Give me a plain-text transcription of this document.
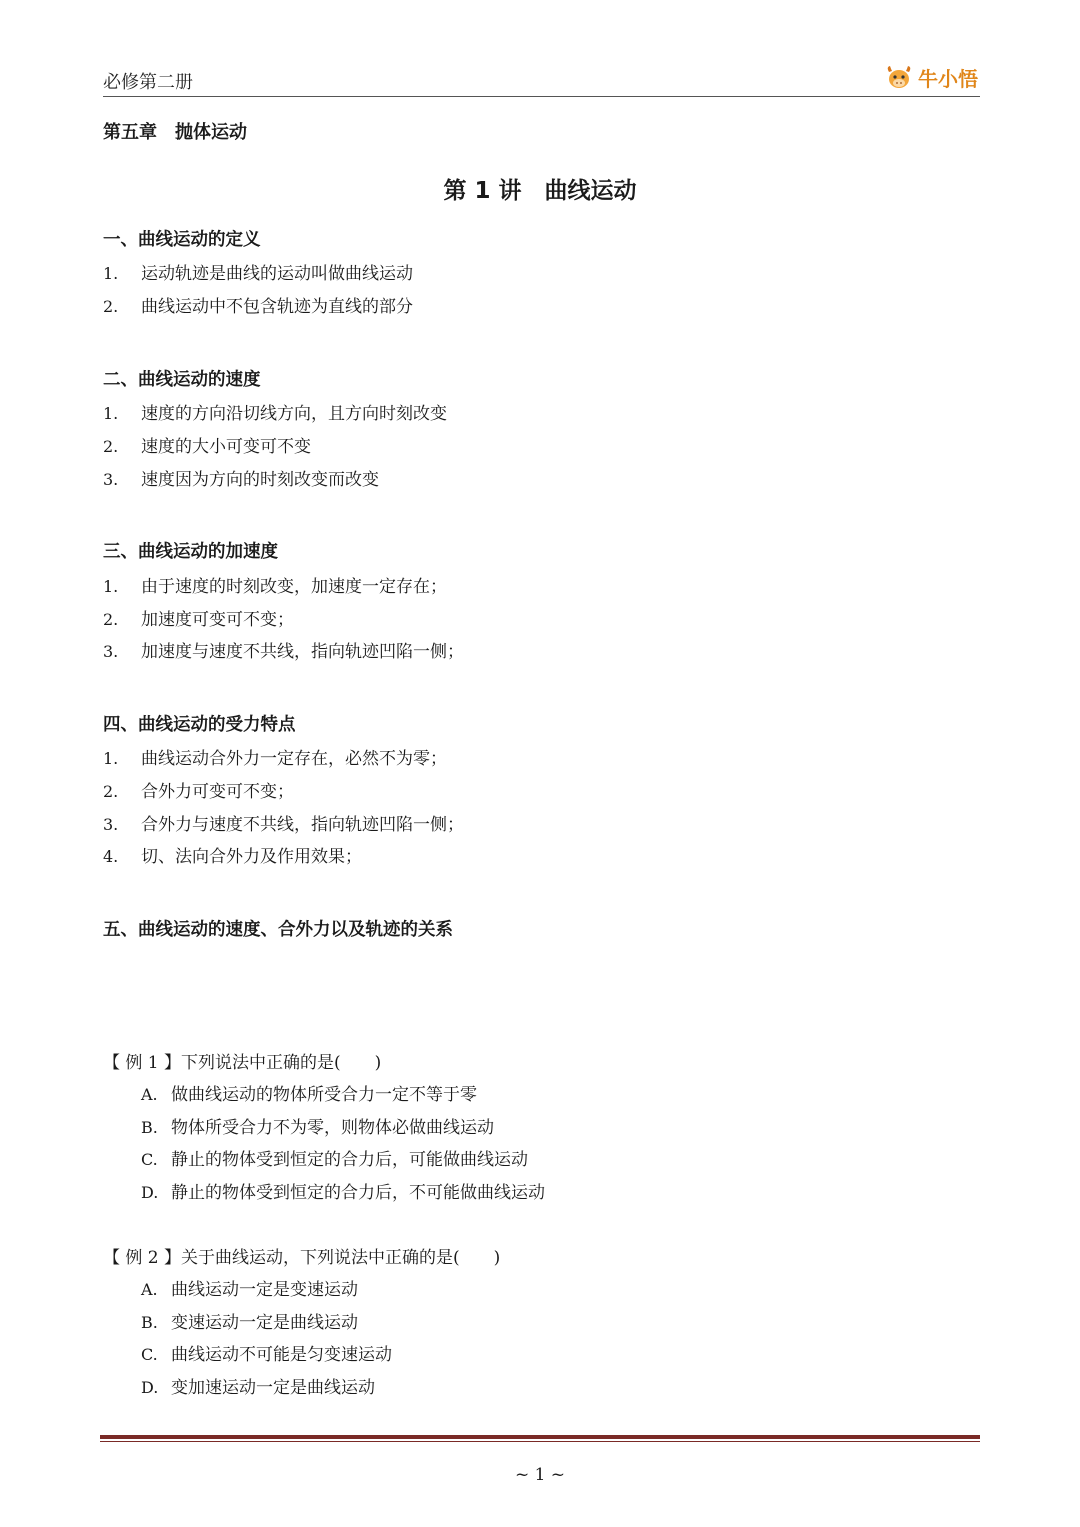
必修第二册	牛小悟
第五章　抛体运动
第 1 讲　曲线运动
一、曲线运动的定义
1. 运动轨迹是曲线的运动叫做曲线运动
2. 曲线运动中不包含轨迹为直线的部分
二、曲线运动的速度
1. 速度的方向沿切线方向，且方向时刻改变
2. 速度的大小可变可不变
3. 速度因为方向的时刻改变而改变
三、曲线运动的加速度
1. 由于速度的时刻改变，加速度一定存在；
2. 加速度可变可不变；
3. 加速度与速度不共线，指向轨迹凹陷一侧；
四、曲线运动的受力特点
1. 曲线运动合外力一定存在，必然不为零；
2. 合外力可变可不变；
3. 合外力与速度不共线，指向轨迹凹陷一侧；
4. 切、法向合外力及作用效果；
五、曲线运动的速度、合外力以及轨迹的关系
【 例 1 】下列说法中正确的是(　　)
A. 做曲线运动的物体所受合力一定不等于零
B. 物体所受合力不为零，则物体必做曲线运动
C. 静止的物体受到恒定的合力后，可能做曲线运动
D. 静止的物体受到恒定的合力后，不可能做曲线运动
【 例 2 】关于曲线运动，下列说法中正确的是(　　)
A. 曲线运动一定是变速运动
B. 变速运动一定是曲线运动
C. 曲线运动不可能是匀变速运动
D. 变加速运动一定是曲线运动
~ 1 ~
